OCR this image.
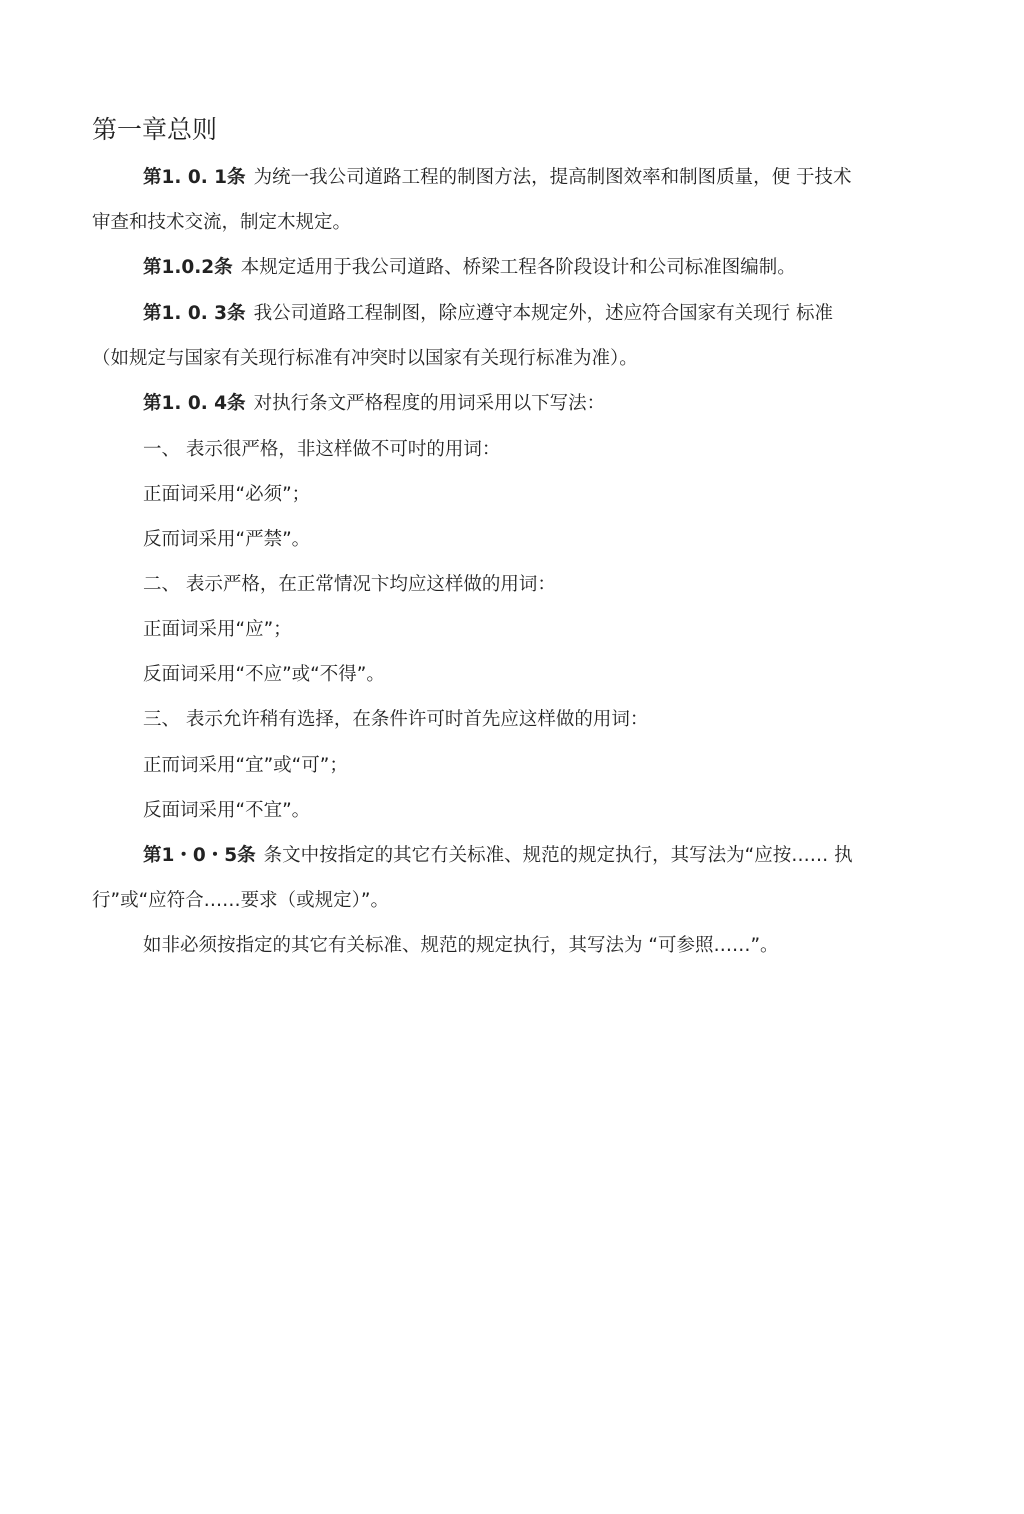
第一章总则
第1. 0. 1条 为统一我公司道路工程的制图方法，提高制图效率和制图质量，便 于技术
审查和技术交流，制定木规定。
第1.0.2条 本规定适用于我公司道路、桥梁工程各阶段设计和公司标准图编制。
第1. 0. 3条 我公司道路工程制图，除应遵守本规定外，述应符合国家有关现行 标准
（如规定与国家有关现行标准有冲突时以国家有关现行标准为准）。
第1. 0. 4条 对执行条文严格程度的用词采用以下写法：
一、 表示很严格，非这样做不可吋的用词：
正面词采用“必须”；
反而词采用“严禁”。
二、 表示严格，在正常情况卞均应这样做的用词：
正面词采用“应”；
反面词采用“不应”或“不得”。
三、 表示允许稍有选择，在条件许可时首先应这样做的用词：
正而词采用“宜”或“可”；
反面词采用“不宜”。
第1・0・5条 条文中按指定的其它冇关标准、规范的规定执行，其写法为“应按…… 执
行”或“应符合……要求（或规定）”。
如非必须按指定的其它有关标准、规范的规定执行，其写法为 “可参照……”。
